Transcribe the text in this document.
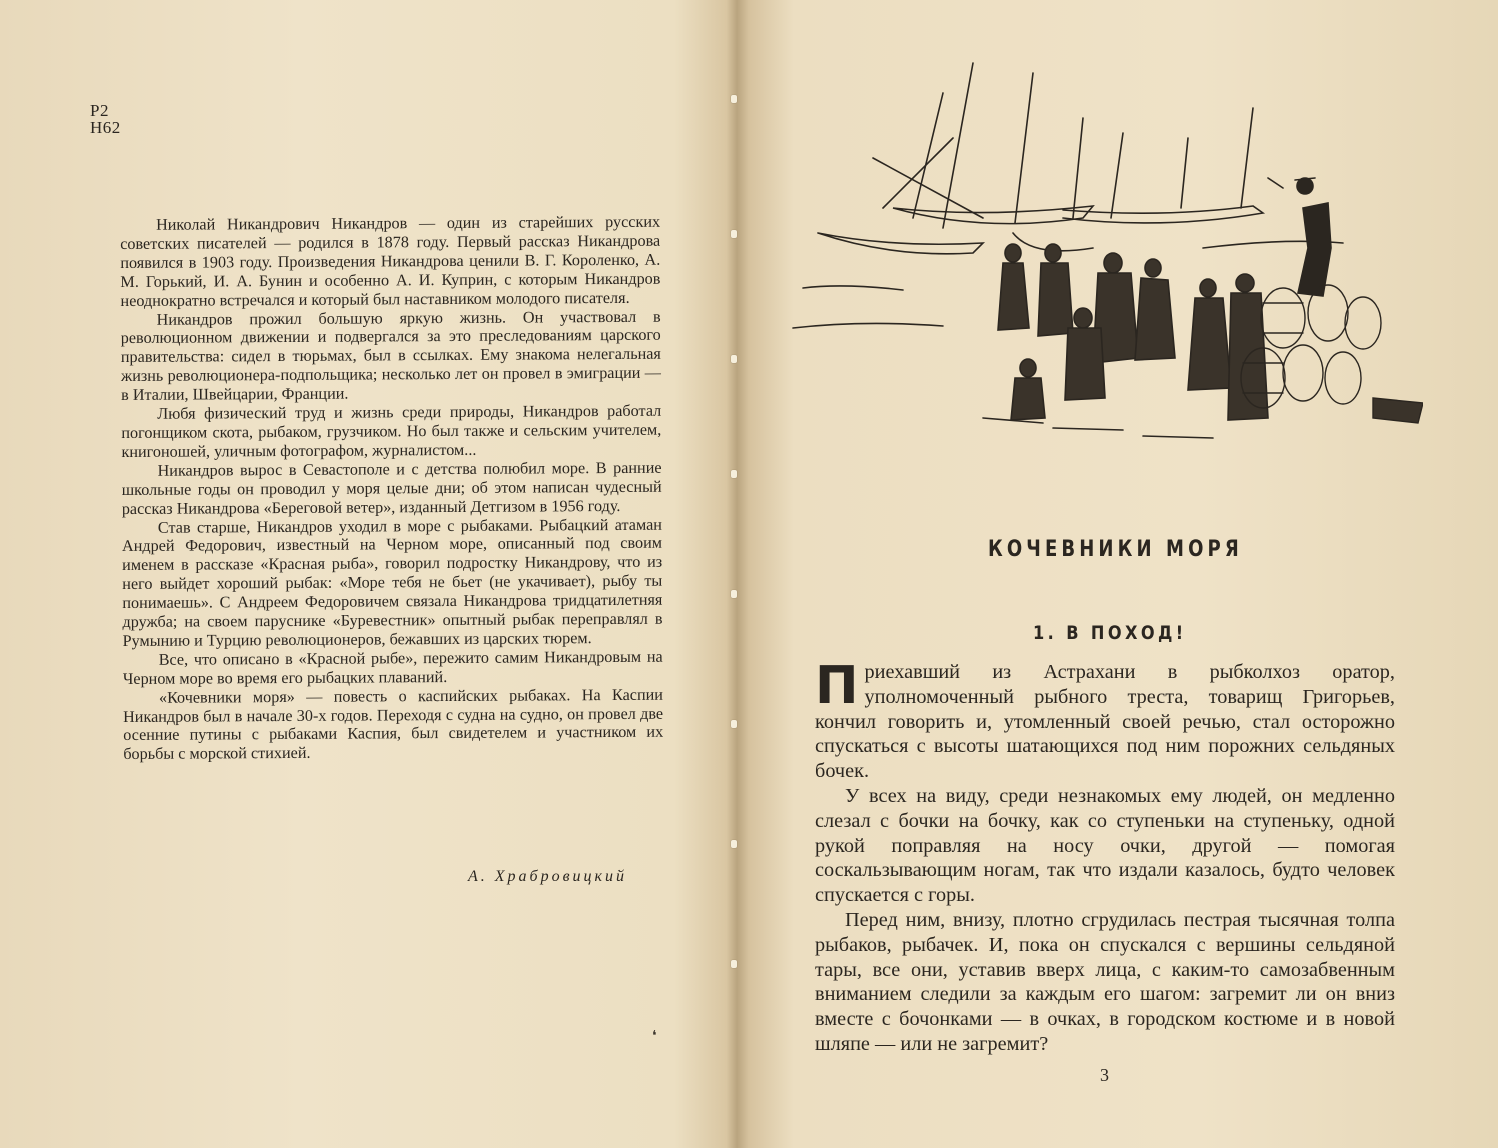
Р2
Н62

Николай Никандрович Никандров — один из старейших русских советских писателей — родился в 1878 году. Первый рассказ Никандрова появился в 1903 году. Произведения Никандрова ценили В. Г. Короленко, А. М. Горький, И. А. Бунин и особенно А. И. Куприн, с которым Никандров неоднократно встречался и который был наставником молодого писателя.

Никандров прожил большую яркую жизнь. Он участвовал в революционном движении и подвергался за это преследованиям царского правительства: сидел в тюрьмах, был в ссылках. Ему знакома нелегальная жизнь революционера-подпольщика; несколько лет он провел в эмиграции — в Италии, Швейцарии, Франции.

Любя физический труд и жизнь среди природы, Никандров работал погонщиком скота, рыбаком, грузчиком. Но был также и сельским учителем, книгоношей, уличным фотографом, журналистом...

Никандров вырос в Севастополе и с детства полюбил море. В ранние школьные годы он проводил у моря целые дни; об этом написан чудесный рассказ Никандрова «Береговой ветер», изданный Детгизом в 1956 году.

Став старше, Никандров уходил в море с рыбаками. Рыбацкий атаман Андрей Федорович, известный на Черном море, описанный под своим именем в рассказе «Красная рыба», говорил подростку Никандрову, что из него выйдет хороший рыбак: «Море тебя не бьет (не укачивает), рыбу ты понимаешь». С Андреем Федоровичем связала Никандрова тридцатилетняя дружба; на своем паруснике «Буревестник» опытный рыбак переправлял в Румынию и Турцию революционеров, бежавших из царских тюрем.

Все, что описано в «Красной рыбе», пережито самим Никандровым на Черном море во время его рыбацких плаваний.

«Кочевники моря» — повесть о каспийских рыбаках. На Каспии Никандров был в начале 30-х годов. Переходя с судна на судно, он провел две осенние путины с рыбаками Каспия, был свидетелем и участником их борьбы с морской стихией.

А. Храбровицкий
❛
КОЧЕВНИКИ МОРЯ
1. В ПОХОД!

Приехавший из Астрахани в рыбколхоз оратор, уполномоченный рыбного треста, товарищ Григорьев, кончил говорить и, утомленный своей речью, стал осторожно спускаться с высоты шатающихся под ним порожних сельдяных бочек.

У всех на виду, среди незнакомых ему людей, он медленно слезал с бочки на бочку, как со ступеньки на ступеньку, одной рукой поправляя на носу очки, другой — помогая соскальзывающим ногам, так что издали казалось, будто человек спускается с горы.

Перед ним, внизу, плотно сгрудилась пестрая тысячная толпа рыбаков, рыбачек. И, пока он спускался с вершины сельдяной тары, все они, уставив вверх лица, с каким-то самозабвенным вниманием следили за каждым его шагом: загремит ли он вниз вместе с бочонками — в очках, в городском костюме и в новой шляпе — или не загремит?

3
